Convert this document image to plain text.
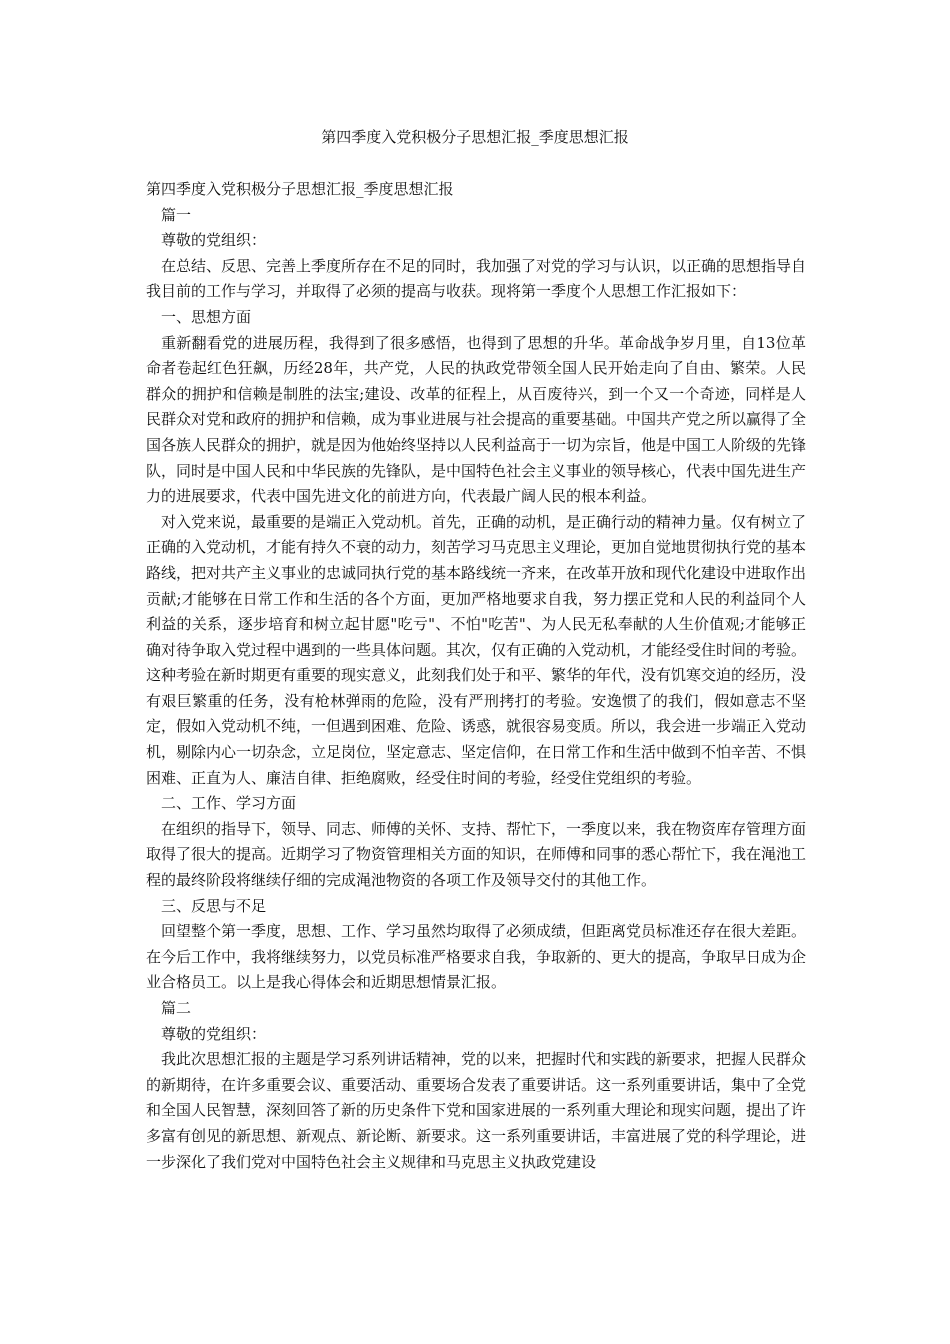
第四季度入党积极分子思想汇报_季度思想汇报

第四季度入党积极分子思想汇报_季度思想汇报

篇一

尊敬的党组织：

在总结、反思、完善上季度所存在不足的同时，我加强了对党的学习与认识，以正确的思想指导自我目前的工作与学习，并取得了必须的提高与收获。现将第一季度个人思想工作汇报如下：

一、思想方面

重新翻看党的进展历程，我得到了很多感悟，也得到了思想的升华。革命战争岁月里，自13位革命者卷起红色狂飙，历经28年，共产党，人民的执政党带领全国人民开始走向了自由、繁荣。人民群众的拥护和信赖是制胜的法宝;建设、改革的征程上，从百废待兴，到一个又一个奇迹，同样是人民群众对党和政府的拥护和信赖，成为事业进展与社会提高的重要基础。中国共产党之所以赢得了全国各族人民群众的拥护，就是因为他始终坚持以人民利益高于一切为宗旨，他是中国工人阶级的先锋队，同时是中国人民和中华民族的先锋队，是中国特色社会主义事业的领导核心，代表中国先进生产力的进展要求，代表中国先进文化的前进方向，代表最广阔人民的根本利益。

对入党来说，最重要的是端正入党动机。首先，正确的动机，是正确行动的精神力量。仅有树立了正确的入党动机，才能有持久不衰的动力，刻苦学习马克思主义理论，更加自觉地贯彻执行党的基本路线，把对共产主义事业的忠诚同执行党的基本路线统一齐来，在改革开放和现代化建设中进取作出贡献;才能够在日常工作和生活的各个方面，更加严格地要求自我，努力摆正党和人民的利益同个人利益的关系，逐步培育和树立起甘愿"吃亏"、不怕"吃苦"、为人民无私奉献的人生价值观;才能够正确对待争取入党过程中遇到的一些具体问题。其次，仅有正确的入党动机，才能经受住时间的考验。这种考验在新时期更有重要的现实意义，此刻我们处于和平、繁华的年代，没有饥寒交迫的经历，没有艰巨繁重的任务，没有枪林弹雨的危险，没有严刑拷打的考验。安逸惯了的我们，假如意志不坚定，假如入党动机不纯，一但遇到困难、危险、诱惑，就很容易变质。所以，我会进一步端正入党动机，剔除内心一切杂念，立足岗位，坚定意志、坚定信仰，在日常工作和生活中做到不怕辛苦、不惧困难、正直为人、廉洁自律、拒绝腐败，经受住时间的考验，经受住党组织的考验。

二、工作、学习方面

在组织的指导下，领导、同志、师傅的关怀、支持、帮忙下，一季度以来，我在物资库存管理方面取得了很大的提高。近期学习了物资管理相关方面的知识，在师傅和同事的悉心帮忙下，我在渑池工程的最终阶段将继续仔细的完成渑池物资的各项工作及领导交付的其他工作。

三、反思与不足

回望整个第一季度，思想、工作、学习虽然均取得了必须成绩，但距离党员标准还存在很大差距。在今后工作中，我将继续努力，以党员标准严格要求自我，争取新的、更大的提高，争取早日成为企业合格员工。以上是我心得体会和近期思想情景汇报。

篇二

尊敬的党组织：

我此次思想汇报的主题是学习系列讲话精神，党的以来，把握时代和实践的新要求，把握人民群众的新期待，在许多重要会议、重要活动、重要场合发表了重要讲话。这一系列重要讲话，集中了全党和全国人民智慧，深刻回答了新的历史条件下党和国家进展的一系列重大理论和现实问题，提出了许多富有创见的新思想、新观点、新论断、新要求。这一系列重要讲话，丰富进展了党的科学理论，进一步深化了我们党对中国特色社会主义规律和马克思主义执政党建设
